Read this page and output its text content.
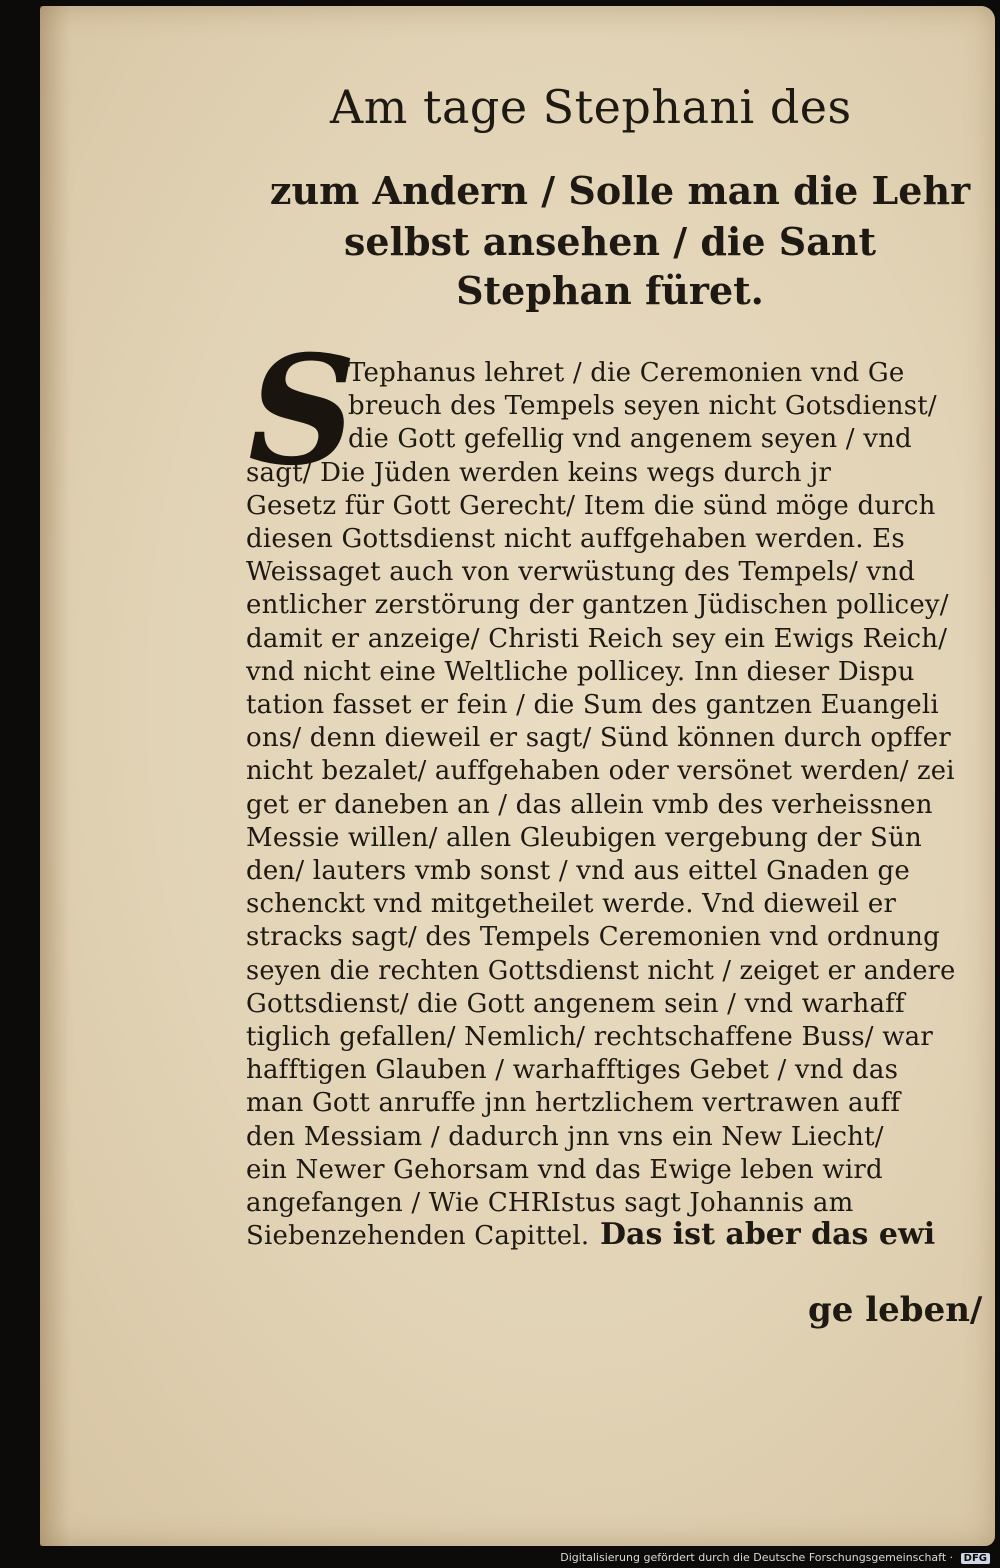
Am tage Stephani des
zum Andern / Solle man die Lehr
selbst ansehen / die Sant
Stephan füret.
S
Tephanus lehret / die Ceremonien vnd Ge
breuch des Tempels seyen nicht Gotsdienst/
die Gott gefellig vnd angenem seyen / vnd
sagt/ Die Jüden werden keins wegs durch jr
Gesetz für Gott Gerecht/ Item die sünd möge durch
diesen Gottsdienst nicht auffgehaben werden. Es
Weissaget auch von verwüstung des Tempels/ vnd
entlicher zerstörung der gantzen Jüdischen pollicey/
damit er anzeige/ Christi Reich sey ein Ewigs Reich/
vnd nicht eine Weltliche pollicey. Inn dieser Dispu
tation fasset er fein / die Sum des gantzen Euangeli
ons/ denn dieweil er sagt/ Sünd können durch opffer
nicht bezalet/ auffgehaben oder versönet werden/ zei
get er daneben an / das allein vmb des verheissnen
Messie willen/ allen Gleubigen vergebung der Sün
den/ lauters vmb sonst / vnd aus eittel Gnaden ge
schenckt vnd mitgetheilet werde. Vnd dieweil er
stracks sagt/ des Tempels Ceremonien vnd ordnung
seyen die rechten Gottsdienst nicht / zeiget er andere
Gottsdienst/ die Gott angenem sein / vnd warhaff
tiglich gefallen/ Nemlich/ rechtschaffene Buss/ war
hafftigen Glauben / warhafftiges Gebet / vnd das
man Gott anruffe jnn hertzlichem vertrawen auff
den Messiam / dadurch jnn vns ein New Liecht/
ein Newer Gehorsam vnd das Ewige leben wird
angefangen / Wie CHRIstus sagt Johannis am
Siebenzehenden Capittel. Das ist aber das ewi
ge leben/
Digitalisierung gefördert durch die Deutsche Forschungsgemeinschaft · DFG
